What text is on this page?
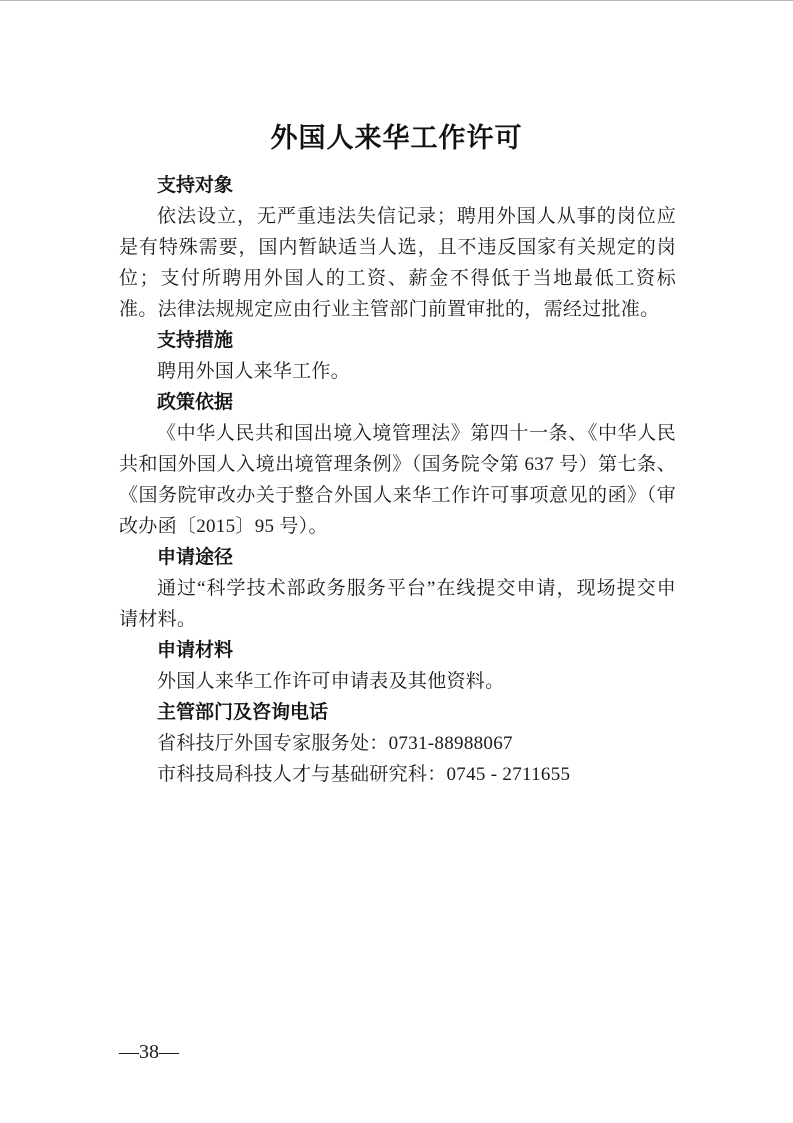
外国人来华工作许可
支持对象

依法设立，无严重违法失信记录；聘用外国人从事的岗位应是有特殊需要，国内暂缺适当人选，且不违反国家有关规定的岗位；支付所聘用外国人的工资、薪金不得低于当地最低工资标准。法律法规规定应由行业主管部门前置审批的，需经过批准。

支持措施

聘用外国人来华工作。

政策依据

《中华人民共和国出境入境管理法》第四十一条、《中华人民共和国外国人入境出境管理条例》（国务院令第 637 号）第七条、《国务院审改办关于整合外国人来华工作许可事项意见的函》（审改办函〔2015〕95 号）。

申请途径

通过“科学技术部政务服务平台”在线提交申请，现场提交申请材料。

申请材料

外国人来华工作许可申请表及其他资料。

主管部门及咨询电话

省科技厅外国专家服务处：0731-88988067

市科技局科技人才与基础研究科：0745 - 2711655

—38—
